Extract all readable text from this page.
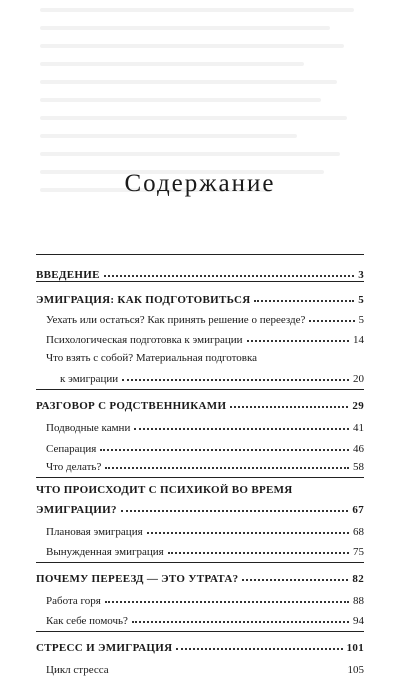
Содержание
ВВЕДЕНИЕ	3
ЭМИГРАЦИЯ: КАК ПОДГОТОВИТЬСЯ	5
Уехать или остаться? Как принять решение о переезде?	5
Психологическая подготовка к эмиграции	14
Что взять с собой? Материальная подготовка
к эмиграции	20
РАЗГОВОР С РОДСТВЕННИКАМИ	29
Подводные камни	41
Сепарация	46
Что делать?	58
ЧТО ПРОИСХОДИТ С ПСИХИКОЙ ВО ВРЕМЯ
ЭМИГРАЦИИ?	67
Плановая эмиграция	68
Вынужденная эмиграция	75
ПОЧЕМУ ПЕРЕЕЗД — ЭТО УТРАТА?	82
Работа горя	88
Как себе помочь?	94
СТРЕСС И ЭМИГРАЦИЯ	101
Цикл стресса	105
